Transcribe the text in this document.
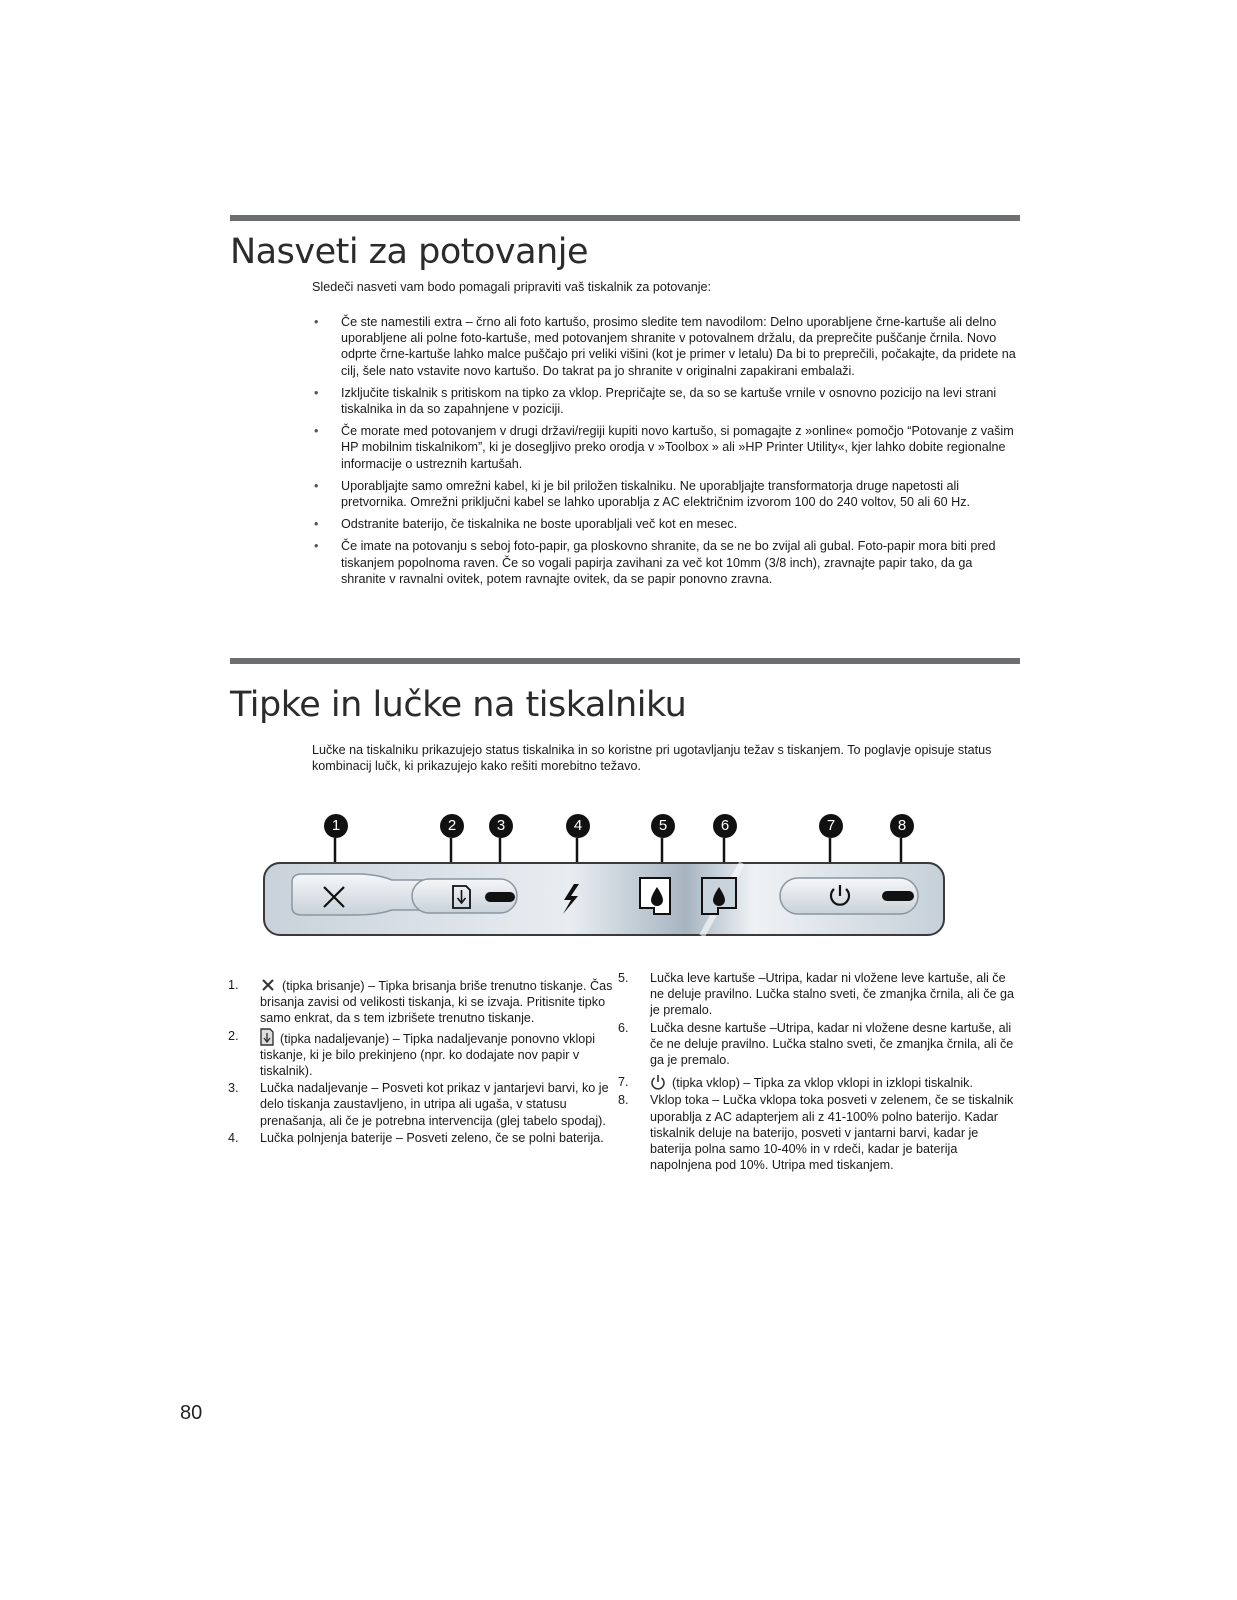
Nasveti za potovanje

Sledeči nasveti vam bodo pomagali pripraviti vaš tiskalnik za potovanje:

• Če ste namestili extra – črno ali foto kartušo, prosimo sledite tem navodilom: Delno uporabljene črne-kartuše ali delno uporabljene ali polne foto-kartuše, med potovanjem shranite v potovalnem držalu, da preprečite puščanje črnila. Novo odprte črne-kartuše lahko malce puščajo pri veliki višini (kot je primer v letalu) Da bi to preprečili, počakajte, da pridete na cilj, šele nato vstavite novo kartušo. Do takrat pa jo shranite v originalni zapakirani embalaži.
• Izključite tiskalnik s pritiskom na tipko za vklop. Prepričajte se, da so se kartuše vrnile v osnovno pozicijo na levi strani tiskalnika in da so zapahnjene v poziciji.
• Če morate med potovanjem v drugi državi/regiji kupiti novo kartušo, si pomagajte z »online« pomočjo “Potovanje z vašim HP mobilnim tiskalnikom”, ki je dosegljivo preko orodja v »Toolbox » ali »HP Printer Utility«, kjer lahko dobite regionalne informacije o ustreznih kartušah.
• Uporabljajte samo omrežni kabel, ki je bil priložen tiskalniku. Ne uporabljajte transformatorja druge napetosti ali pretvornika. Omrežni priključni kabel se lahko uporablja z AC električnim izvorom 100 do 240 voltov, 50 ali 60 Hz.
• Odstranite baterijo, če tiskalnika ne boste uporabljali več kot en mesec.
• Če imate na potovanju s seboj foto-papir, ga ploskovno shranite, da se ne bo zvijal ali gubal. Foto-papir mora biti pred tiskanjem popolnoma raven. Če so vogali papirja zavihani za več kot 10mm (3/8 inch), zravnajte papir tako, da ga shranite v ravnalni ovitek, potem ravnajte ovitek, da se papir ponovno zravna.
Tipke in lučke na tiskalniku

Lučke na tiskalniku prikazujejo status tiskalnika in so koristne pri ugotavljanju težav s tiskanjem. To poglavje opisuje status kombinacij lučk, ki prikazujejo kako rešiti morebitno težavo.

1	2	3	4	5	6	7	8
1.	(tipka brisanje) – Tipka brisanja briše trenutno tiskanje. Čas brisanja zavisi od velikosti tiskanja, ki se izvaja. Pritisnite tipko samo enkrat, da s tem izbrišete trenutno tiskanje.
2.	(tipka nadaljevanje) – Tipka nadaljevanje ponovno vklopi tiskanje, ki je bilo prekinjeno (npr. ko dodajate nov papir v tiskalnik).
3. Lučka nadaljevanje – Posveti kot prikaz v jantarjevi barvi, ko je delo tiskanja zaustavljeno, in utripa ali ugaša, v statusu prenašanja, ali če je potrebna intervencija (glej tabelo spodaj).
4. Lučka polnjenja baterije – Posveti zeleno, če se polni baterija.
5. Lučka leve kartuše –Utripa, kadar ni vložene leve kartuše, ali če ne deluje pravilno. Lučka stalno sveti, če zmanjka črnila, ali če ga je premalo.
6. Lučka desne kartuše –Utripa, kadar ni vložene desne kartuše, ali če ne deluje pravilno. Lučka stalno sveti, če zmanjka črnila, ali če ga je premalo.
7.	(tipka vklop) – Tipka za vklop vklopi in izklopi tiskalnik.
8. Vklop toka – Lučka vklopa toka posveti v zelenem, če se tiskalnik uporablja z AC adapterjem ali z 41-100% polno baterijo. Kadar tiskalnik deluje na baterijo, posveti v jantarni barvi, kadar je baterija polna samo 10-40% in v rdeči, kadar je baterija napolnjena pod 10%. Utripa med tiskanjem.
80
